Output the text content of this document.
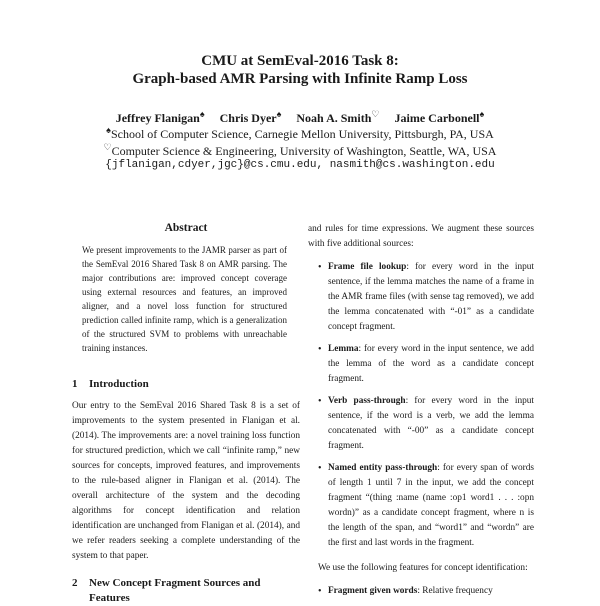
CMU at SemEval-2016 Task 8:
Graph-based AMR Parsing with Infinite Ramp Loss
Jeffrey Flanigan♠ Chris Dyer♠ Noah A. Smith♡ Jaime Carbonell♠
♠School of Computer Science, Carnegie Mellon University, Pittsburgh, PA, USA
♡Computer Science & Engineering, University of Washington, Seattle, WA, USA
{jflanigan,cdyer,jgc}@cs.cmu.edu, nasmith@cs.washington.edu
Abstract

We present improvements to the JAMR parser as part of the SemEval 2016 Shared Task 8 on AMR parsing. The major contributions are: improved concept coverage using external resources and features, an improved aligner, and a novel loss function for structured prediction called infinite ramp, which is a generalization of the structured SVM to problems with unreachable training instances.

1 Introduction

Our entry to the SemEval 2016 Shared Task 8 is a set of improvements to the system presented in Flanigan et al. (2014). The improvements are: a novel training loss function for structured prediction, which we call “infinite ramp,” new sources for concepts, improved features, and improvements to the rule-based aligner in Flanigan et al. (2014). The overall architecture of the system and the decoding algorithms for concept identification and relation identification are unchanged from Flanigan et al. (2014), and we refer readers seeking a complete understanding of the system to that paper.

2 New Concept Fragment Sources and
Features

and rules for time expressions. We augment these sources with five additional sources:

• Frame file lookup: for every word in the input sentence, if the lemma matches the name of a frame in the AMR frame files (with sense tag removed), we add the lemma concatenated with “-01” as a candidate concept fragment.
• Lemma: for every word in the input sentence, we add the lemma of the word as a candidate concept fragment.
• Verb pass-through: for every word in the input sentence, if the word is a verb, we add the lemma concatenated with “-00” as a candidate concept fragment.
• Named entity pass-through: for every span of words of length 1 until 7 in the input, we add the concept fragment “(thing :name (name :op1 word1 . . . :opn wordn)” as a candidate concept fragment, where n is the length of the span, and “word1” and “wordn” are the first and last words in the fragment.

We use the following features for concept identification:

• Fragment given words: Relative frequency
